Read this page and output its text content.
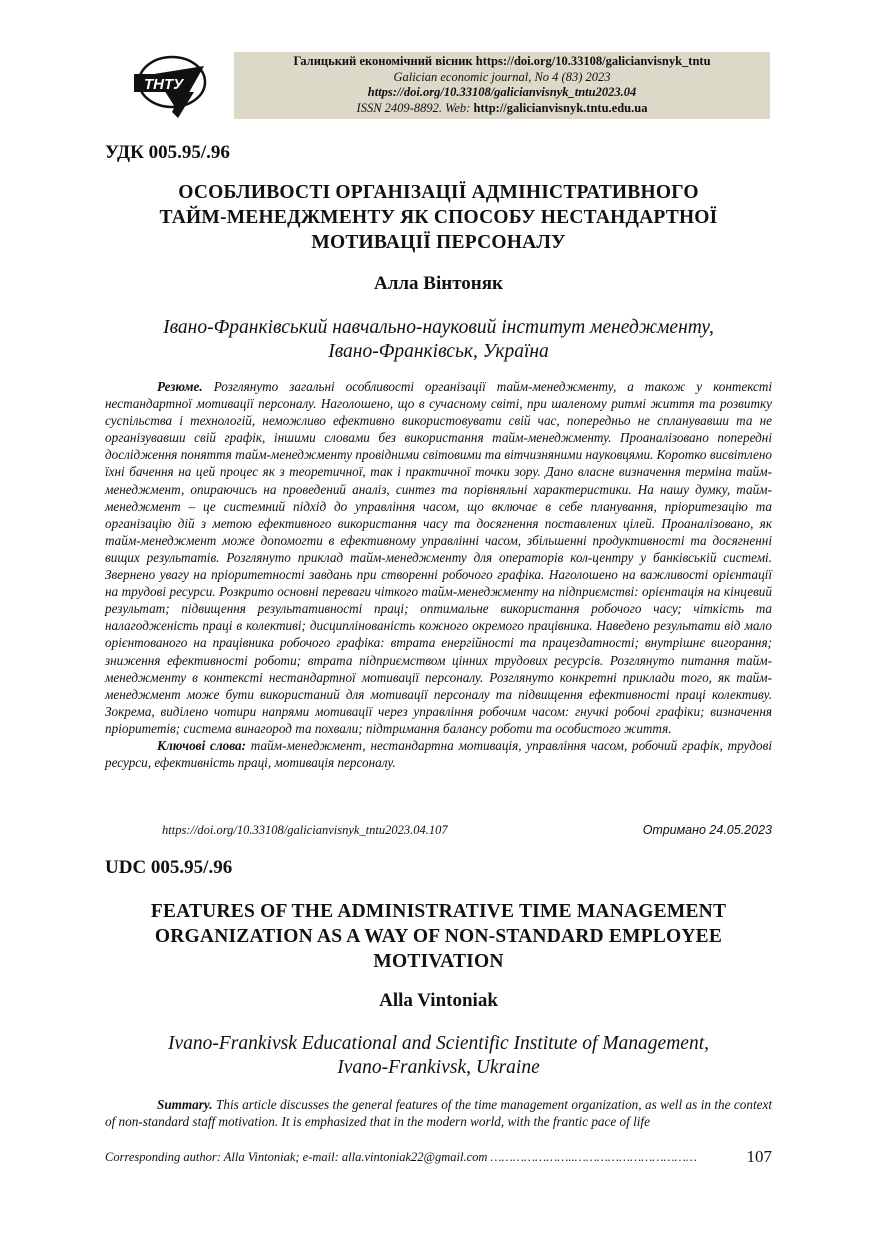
ТНТУ
Галицький економічний вісник https://doi.org/10.33108/galicianvisnyk_tntu
Galician economic journal, No 4 (83) 2023
https://doi.org/10.33108/galicianvisnyk_tntu2023.04
ISSN 2409-8892. Web: http://galicianvisnyk.tntu.edu.ua
УДК 005.95/.96
ОСОБЛИВОСТІ ОРГАНІЗАЦІЇ АДМІНІСТРАТИВНОГО
ТАЙМ-МЕНЕДЖМЕНТУ ЯК СПОСОБУ НЕСТАНДАРТНОЇ
МОТИВАЦІЇ ПЕРСОНАЛУ
Алла Вінтоняк
Івано-Франківський навчально-науковий інститут менеджменту,
Івано-Франківськ, Україна

Резюме. Розглянуто загальні особливості організації тайм-менеджменту, а також у контексті нестандартної мотивації персоналу. Наголошено, що в сучасному світі, при шаленому ритмі життя та розвитку суспільства і технологій, неможливо ефективно використовувати свій час, попередньо не спланувавши та не організувавши свій графік, іншими словами без використання тайм-менеджменту. Проаналізовано попередні дослідження поняття тайм-менеджменту провідними світовими та вітчизняними науковцями. Коротко висвітлено їхні бачення на цей процес як з теоретичної, так і практичної точки зору. Дано власне визначення терміна тайм-менеджмент, опираючись на проведений аналіз, синтез та порівняльні характеристики. На нашу думку, тайм-менеджмент – це системний підхід до управління часом, що включає в себе планування, пріоритезацію та організацію дій з метою ефективного використання часу та досягнення поставлених цілей. Проаналізовано, як тайм-менеджмент може допомогти в ефективному управлінні часом, збільшенні продуктивності та досягненні вищих результатів. Розглянуто приклад тайм-менеджменту для операторів кол-центру у банківській системі. Звернено увагу на пріоритетності завдань при створенні робочого графіка. Наголошено на важливості орієнтації на трудові ресурси. Розкрито основні переваги чіткого тайм-менеджменту на підприємстві: орієнтація на кінцевий результат; підвищення результативності праці; оптимальне використання робочого часу; чіткість та налагодженість праці в колективі; дисциплінованість кожного окремого працівника. Наведено результати від мало орієнтованого на працівника робочого графіка: втрата енергійності та працездатності; внутрішнє вигорання; зниження ефективності роботи; втрата підприємством цінних трудових ресурсів. Розглянуто питання тайм-менеджменту в контексті нестандартної мотивації персоналу. Розглянуто конкретні приклади того, як тайм-менеджмент може бути використаний для мотивації персоналу та підвищення ефективності праці колективу. Зокрема, виділено чотири напрями мотивації через управління робочим часом: гнучкі робочі графіки; визначення пріоритетів; система винагород та похвали; підтримання балансу роботи та особистого життя.

Ключові слова: тайм-менеджмент, нестандартна мотивація, управління часом, робочий графік, трудові ресурси, ефективність праці, мотивація персоналу.

https://doi.org/10.33108/galicianvisnyk_tntu2023.04.107	Отримано 24.05.2023
UDC 005.95/.96
FEATURES OF THE ADMINISTRATIVE TIME MANAGEMENT
ORGANIZATION AS A WAY OF NON-STANDARD EMPLOYEE
MOTIVATION
Alla Vintoniak
Ivano-Frankivsk Educational and Scientific Institute of Management,
Ivano-Frankivsk, Ukraine

Summary. This article discusses the general features of the time management organization, as well as in the context of non-standard staff motivation. It is emphasized that in the modern world, with the frantic pace of life

Corresponding author: Alla Vintoniak; e-mail: alla.vintoniak22@gmail.com …………………..……………………………	107
